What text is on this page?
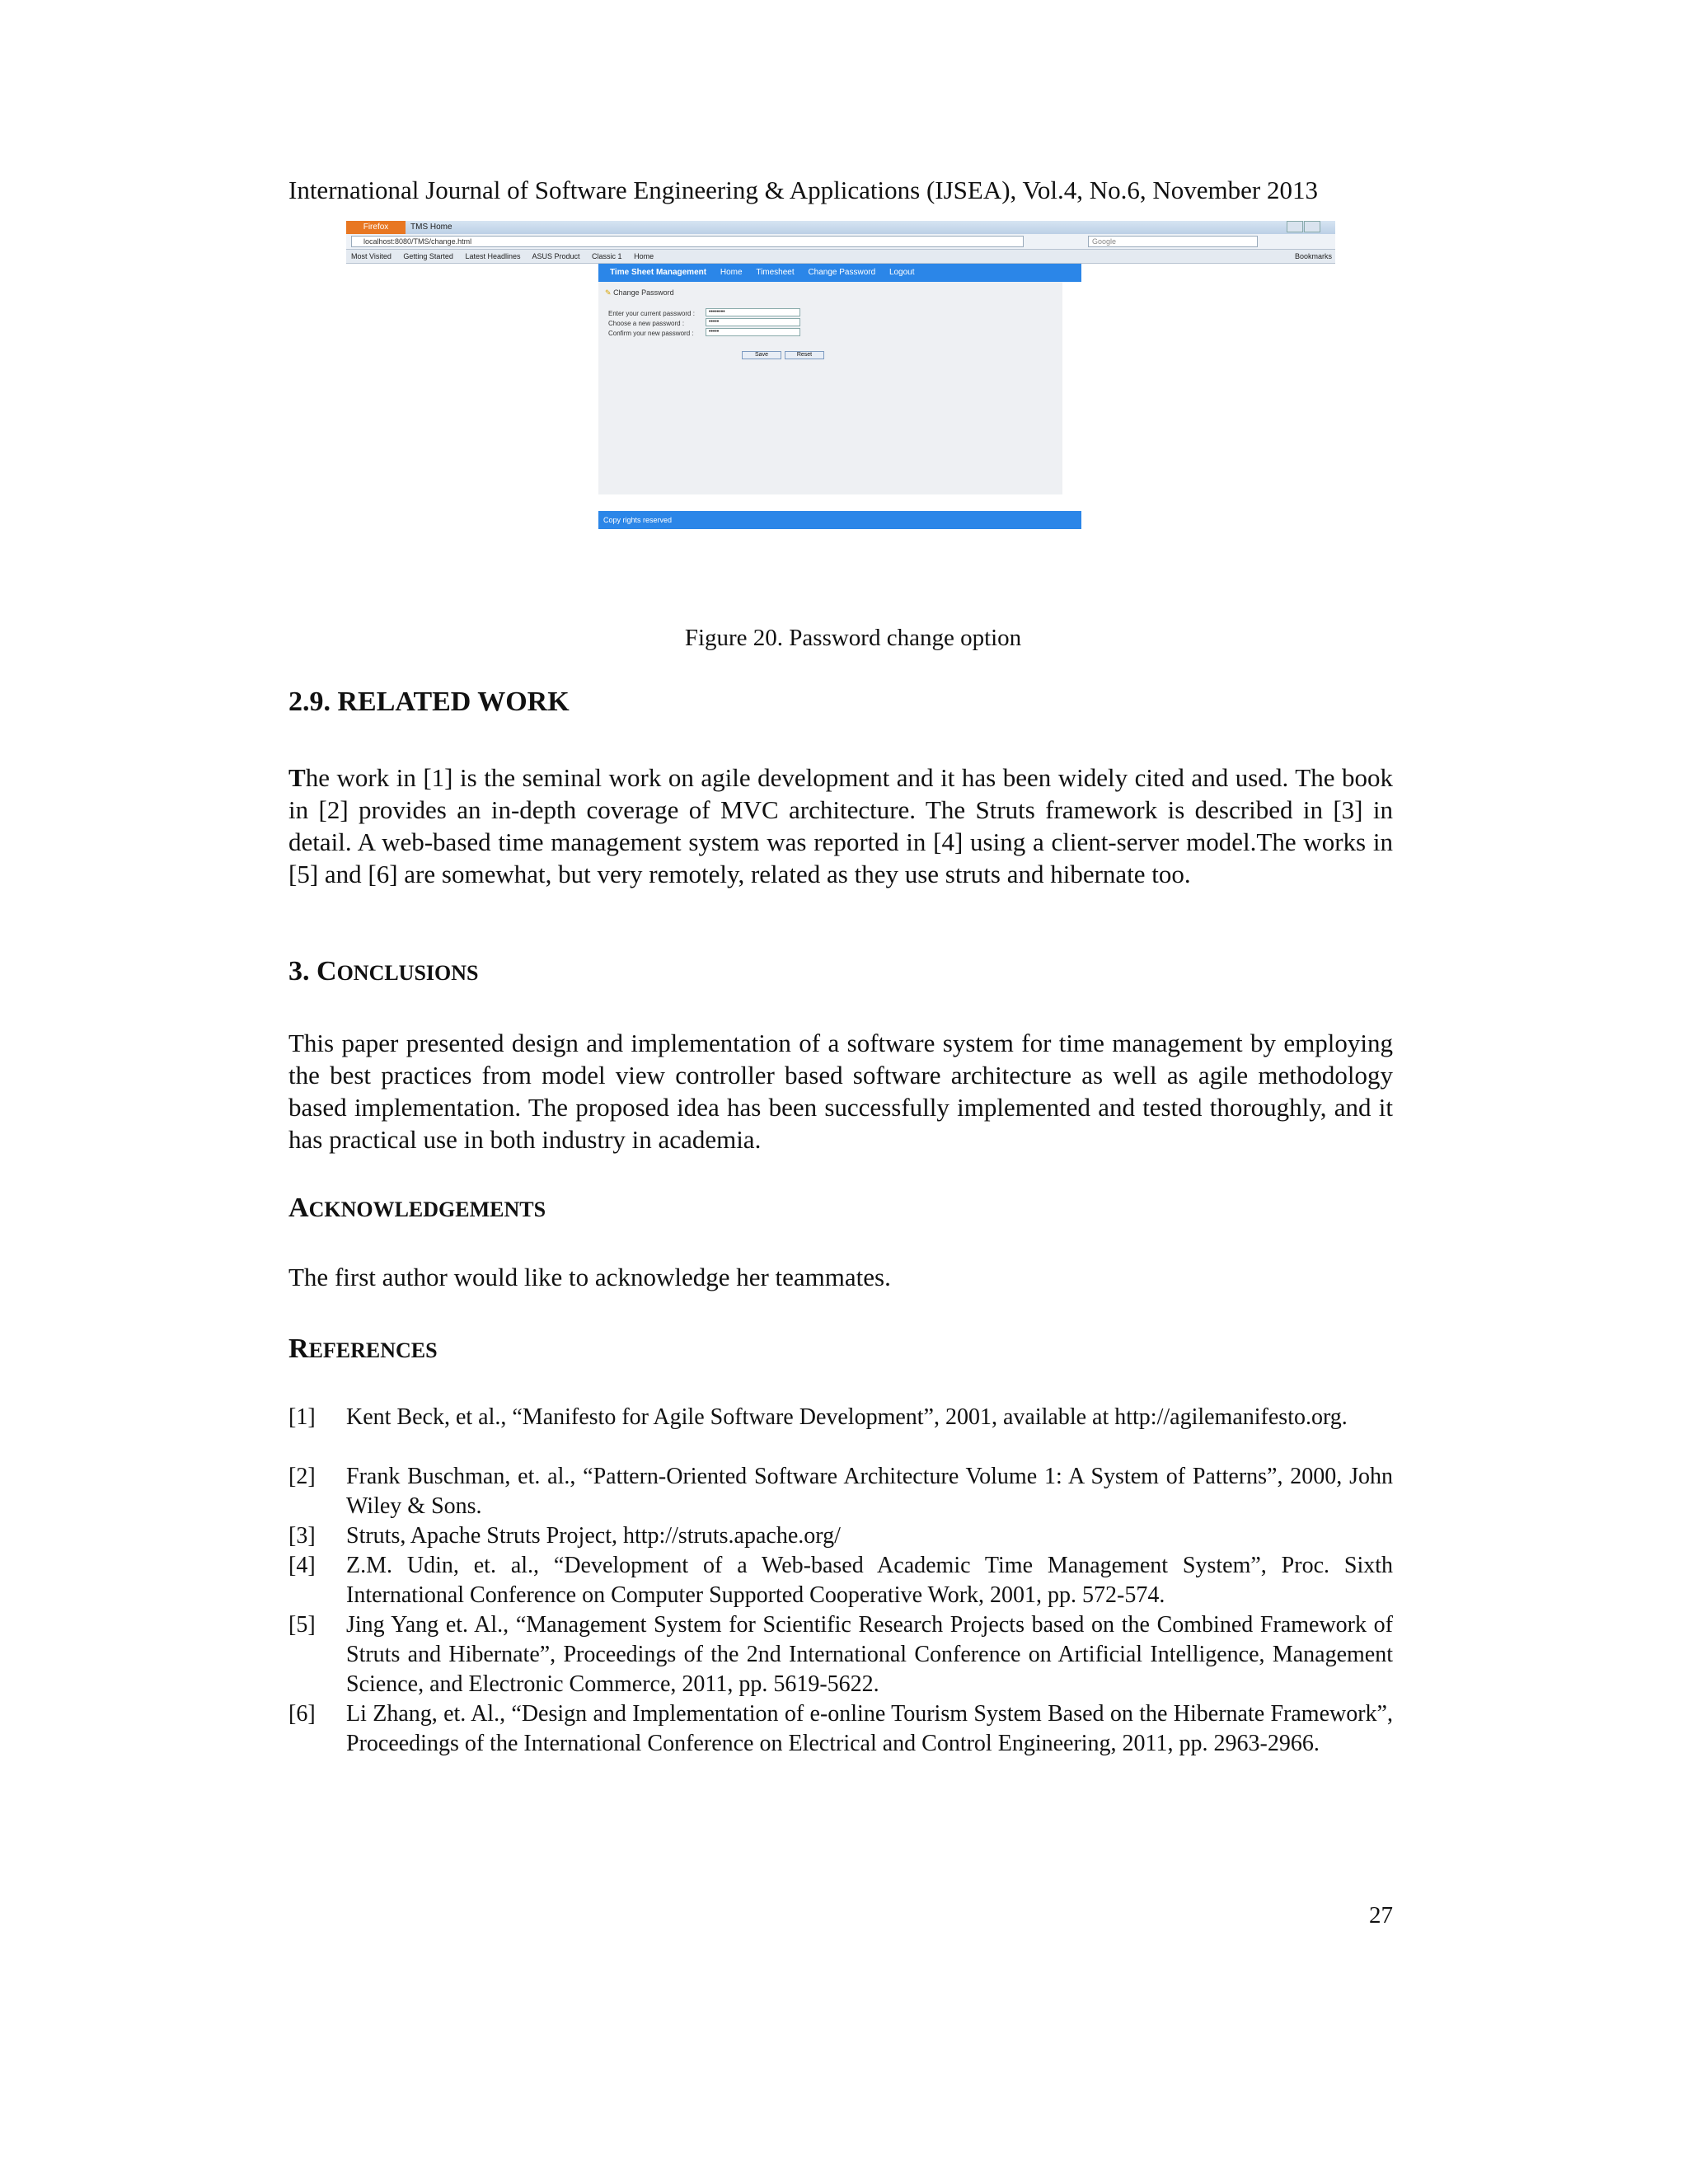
International Journal of Software Engineering & Applications (IJSEA), Vol.4, No.6, November 2013
Firefox	TMS Home
localhost:8080/TMS/change.html	Google
Most Visited Getting Started Latest Headlines ASUS Product Classic 1 Home	Bookmarks
Time Sheet Management Home Timesheet Change Password Logout
✎ Change Password
Enter your current password :	••••••••
Choose a new password :	•••••
Confirm your new password :	•••••
Save	Reset
Copy rights reserved
Figure 20. Password change option
2.9. RELATED WORK
The work in [1] is the seminal work on agile development and it has been widely cited and used. The book in [2] provides an in-depth coverage of MVC architecture. The Struts framework is described in [3] in detail. A web-based time management system was reported in [4] using a client-server model.The works in [5] and [6] are somewhat, but very remotely, related as they use struts and hibernate too.
3. CONCLUSIONS
This paper presented design and implementation of a software system for time management by employing the best practices from model view controller based software architecture as well as agile methodology based implementation. The proposed idea has been successfully implemented and tested thoroughly, and it has practical use in both industry in academia.
ACKNOWLEDGEMENTS
The first author would like to acknowledge her teammates.
REFERENCES
[1] Kent Beck, et al., “Manifesto for Agile Software Development”, 2001, available at http://agilemanifesto.org.
[2] Frank Buschman, et. al., “Pattern-Oriented Software Architecture Volume 1: A System of Patterns”, 2000, John Wiley & Sons.
[3] Struts, Apache Struts Project, http://struts.apache.org/
[4] Z.M. Udin, et. al., “Development of a Web-based Academic Time Management System”, Proc. Sixth International Conference on Computer Supported Cooperative Work, 2001, pp. 572-574.
[5] Jing Yang et. Al., “Management System for Scientific Research Projects based on the Combined Framework of Struts and Hibernate”, Proceedings of the 2nd International Conference on Artificial Intelligence, Management Science, and Electronic Commerce, 2011, pp. 5619-5622.
[6] Li Zhang, et. Al., “Design and Implementation of e-online Tourism System Based on the Hibernate Framework”, Proceedings of the International Conference on Electrical and Control Engineering, 2011, pp. 2963-2966.
27
